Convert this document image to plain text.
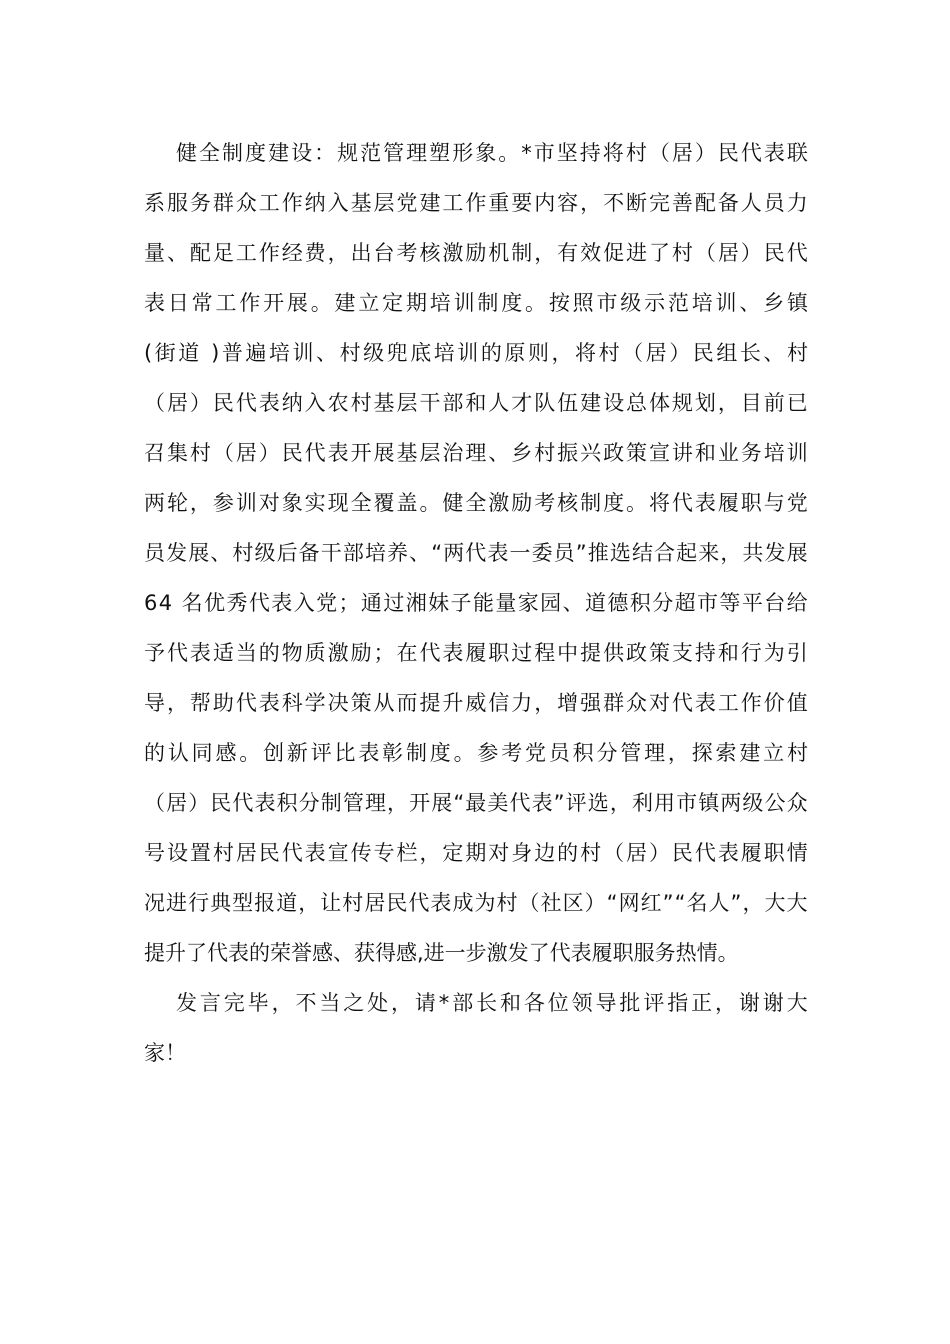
健 全 制 度 建 设 ： 规 范 管 理 塑 形 象 。 * 市 坚 持 将 村 （ 居 ） 民 代 表 联
系 服 务 群 众 工 作 纳 入 基 层 党 建 工 作 重 要 内 容 ， 不 断 完 善 配 备 人 员 力
量 、 配 足 工 作 经 费 ， 出 台 考 核 激 励 机 制 ， 有 效 促 进 了 村 （ 居 ） 民 代
表 日 常 工 作 开 展 。 建 立 定 期 培 训 制 度 。 按 照 市 级 示 范 培 训 、 乡 镇
( 街 道
) 普 遍 培 训 、 村 级 兜 底 培 训 的 原 则 ， 将 村 （ 居 ） 民 组 长 、 村
（ 居 ） 民 代 表 纳 入 农 村 基 层 干 部 和 人 才 队 伍 建 设 总 体 规 划 ， 目 前 已
召 集 村 （ 居 ） 民 代 表 开 展 基 层 治 理 、 乡 村 振 兴 政 策 宣 讲 和 业 务 培 训
两 轮 ， 参 训 对 象 实 现 全 覆 盖 。 健 全 激 励 考 核 制 度 。 将 代 表 履 职 与 党
员 发 展 、 村 级 后 备 干 部 培 养 、 “ 两 代 表 一 委 员 ” 推 选 结 合 起 来 ， 共 发 展
6 4
名 优 秀 代 表 入 党 ； 通 过 湘 妹 子 能 量 家 园 、 道 德 积 分 超 市 等 平 台 给
予 代 表 适 当 的 物 质 激 励 ； 在 代 表 履 职 过 程 中 提 供 政 策 支 持 和 行 为 引
导 ， 帮 助 代 表 科 学 决 策 从 而 提 升 威 信 力 ， 增 强 群 众 对 代 表 工 作 价 值
的 认 同 感 。 创 新 评 比 表 彰 制 度 。 参 考 党 员 积 分 管 理 ， 探 索 建 立 村
（ 居 ） 民 代 表 积 分 制 管 理 ， 开 展 “ 最 美 代 表 ” 评 选 ， 利 用 市 镇 两 级 公 众
号 设 置 村 居 民 代 表 宣 传 专 栏 ， 定 期 对 身 边 的 村 （ 居 ） 民 代 表 履 职 情
况 进 行 典 型 报 道 ， 让 村 居 民 代 表 成 为 村 （ 社 区 ） “ 网 红 ” “ 名 人 ” ， 大 大
提升了代表的荣誉感、获得感,进一步激发了代表履职服务热情。
发 言 完 毕 ， 不 当 之 处 ， 请 * 部 长 和 各 位 领 导 批 评 指 正 ， 谢 谢 大
家！
